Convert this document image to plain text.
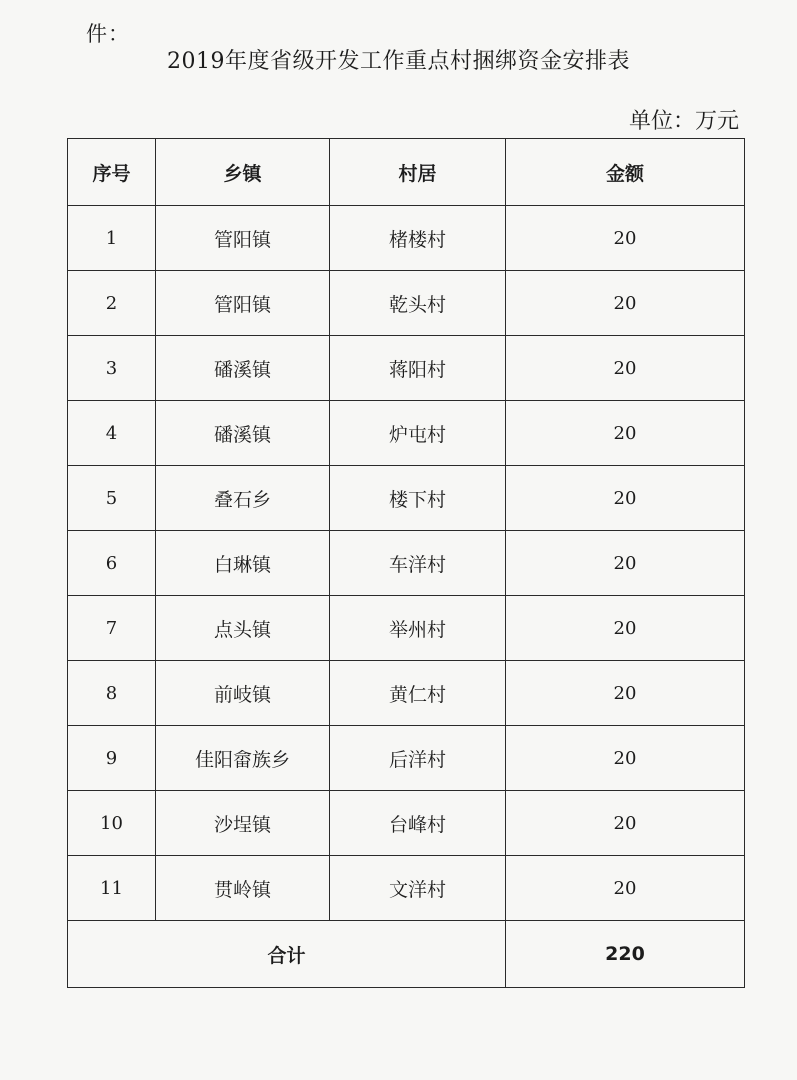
件：
2019年度省级开发工作重点村捆绑资金安排表
单位：万元
序号	乡镇	村居	金额
1	管阳镇	楮楼村	20
2	管阳镇	乾头村	20
3	磻溪镇	蒋阳村	20
4	磻溪镇	炉屯村	20
5	叠石乡	楼下村	20
6	白琳镇	车洋村	20
7	点头镇	举州村	20
8	前岐镇	黄仁村	20
9	佳阳畲族乡	后洋村	20
10	沙埕镇	台峰村	20
11	贯岭镇	文洋村	20
合计			220
